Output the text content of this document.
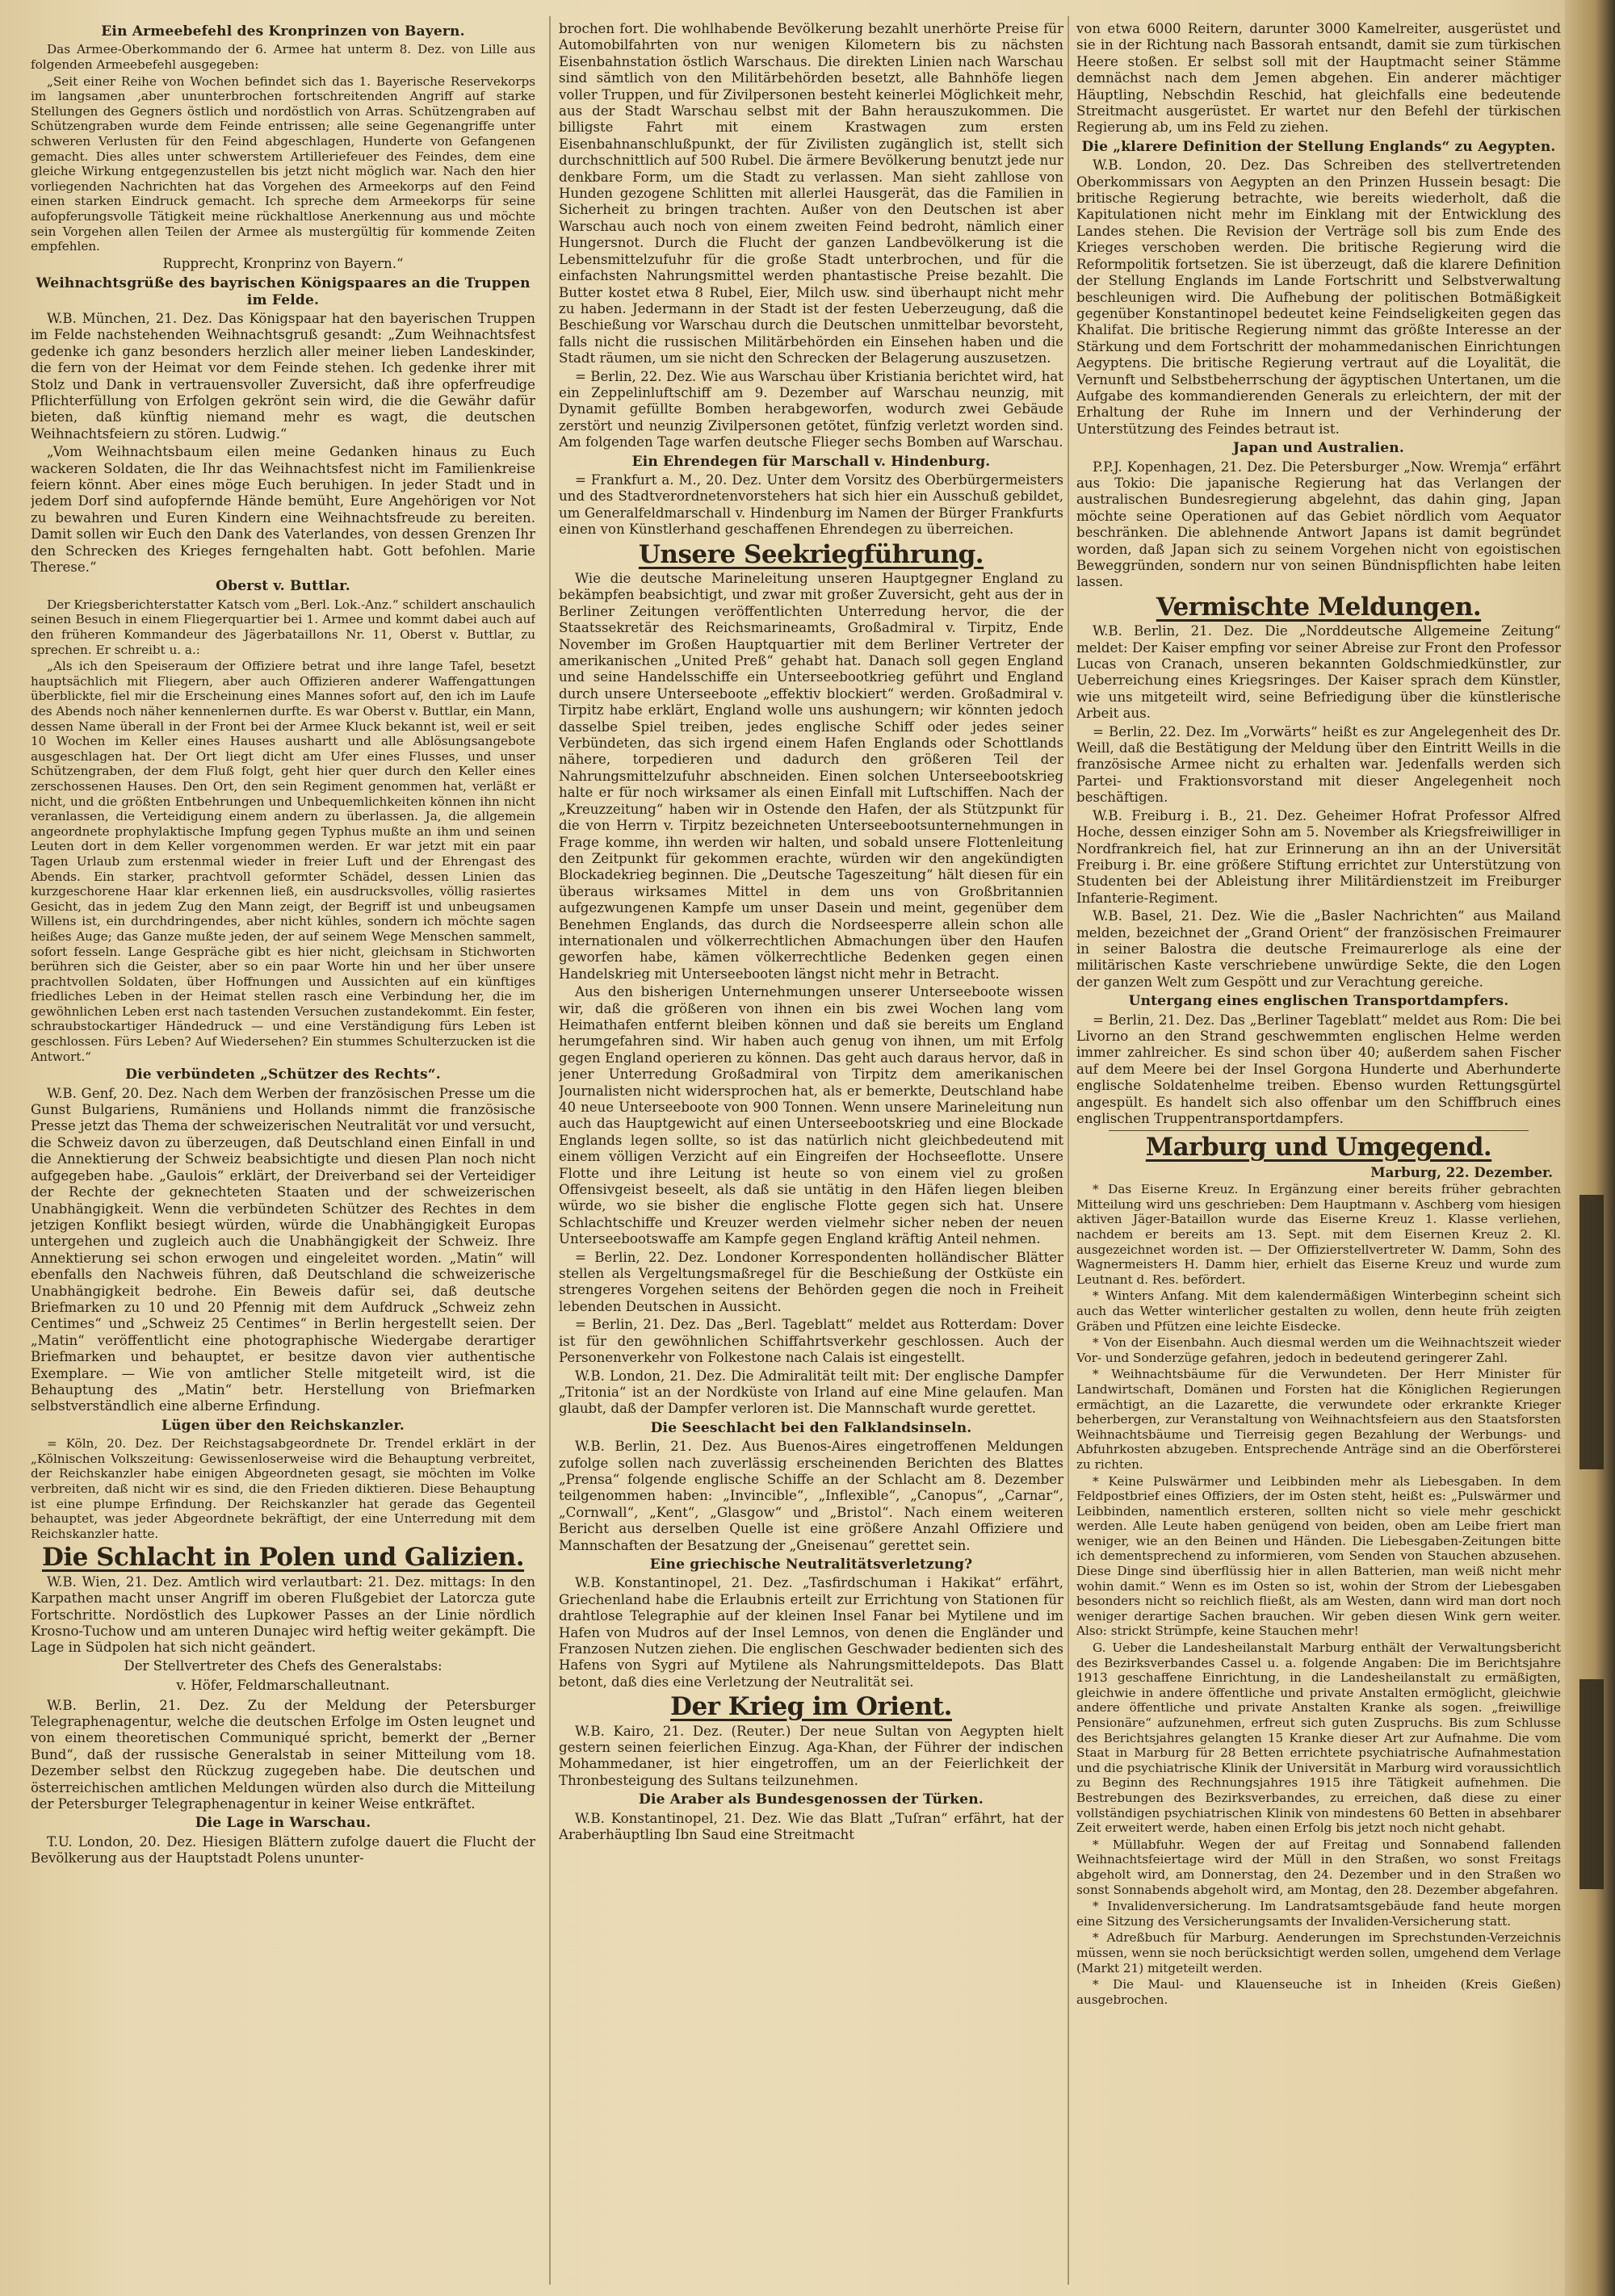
Ein Armeebefehl des Kronprinzen von Bayern.

Das Armee-Oberkommando der 6. Armee hat unterm 8. Dez. von Lille aus folgenden Armeebefehl ausgegeben:

„Seit einer Reihe von Wochen befindet sich das 1. Bayerische Reservekorps im langsamen ‚aber ununterbrochen fortschreitenden Angriff auf starke Stellungen des Gegners östlich und nordöstlich von Arras. Schützengraben auf Schützengraben wurde dem Feinde entrissen; alle seine Gegenangriffe unter schweren Verlusten für den Feind abgeschlagen, Hunderte von Gefangenen gemacht. Dies alles unter schwerstem Artilleriefeuer des Feindes, dem eine gleiche Wirkung entgegenzustellen bis jetzt nicht möglich war. Nach den hier vorliegenden Nachrichten hat das Vorgehen des Armeekorps auf den Feind einen starken Eindruck gemacht. Ich spreche dem Armeekorps für seine aufopferungsvolle Tätigkeit meine rückhaltlose Anerkennung aus und möchte sein Vorgehen allen Teilen der Armee als mustergültig für kommende Zeiten empfehlen.

Rupprecht, Kronprinz von Bayern.“

Weihnachtsgrüße des bayrischen Königspaares an die Truppen im Felde.

W.B. München, 21. Dez. Das Königspaar hat den bayerischen Truppen im Felde nachstehenden Weihnachtsgruß gesandt: „Zum Weihnachtsfest gedenke ich ganz besonders herzlich aller meiner lieben Landeskinder, die fern von der Heimat vor dem Feinde stehen. Ich gedenke ihrer mit Stolz und Dank in vertrauensvoller Zuversicht, daß ihre opferfreudige Pflichterfüllung von Erfolgen gekrönt sein wird, die die Gewähr dafür bieten, daß künftig niemand mehr es wagt, die deutschen Weihnachtsfeiern zu stören. Ludwig.“

„Vom Weihnachtsbaum eilen meine Gedanken hinaus zu Euch wackeren Soldaten, die Ihr das Weihnachtsfest nicht im Familienkreise feiern könnt. Aber eines möge Euch beruhigen. In jeder Stadt und in jedem Dorf sind aufopfernde Hände bemüht, Eure Angehörigen vor Not zu bewahren und Euren Kindern eine Weihnachtsfreude zu bereiten. Damit sollen wir Euch den Dank des Vaterlandes, von dessen Grenzen Ihr den Schrecken des Krieges ferngehalten habt. Gott befohlen. Marie Therese.“

Oberst v. Buttlar.

Der Kriegsberichterstatter Katsch vom „Berl. Lok.-Anz.“ schildert anschaulich seinen Besuch in einem Fliegerquartier bei 1. Armee und kommt dabei auch auf den früheren Kommandeur des Jägerbataillons Nr. 11, Oberst v. Buttlar, zu sprechen. Er schreibt u. a.:

„Als ich den Speiseraum der Offiziere betrat und ihre lange Tafel, besetzt hauptsächlich mit Fliegern, aber auch Offizieren anderer Waffengattungen überblickte, fiel mir die Erscheinung eines Mannes sofort auf, den ich im Laufe des Abends noch näher kennenlernen durfte. Es war Oberst v. Buttlar, ein Mann, dessen Name überall in der Front bei der Armee Kluck bekannt ist, weil er seit 10 Wochen im Keller eines Hauses aushartt und alle Ablösungsangebote ausgeschlagen hat. Der Ort liegt dicht am Ufer eines Flusses, und unser Schützengraben, der dem Fluß folgt, geht hier quer durch den Keller eines zerschossenen Hauses. Den Ort, den sein Regiment genommen hat, verläßt er nicht, und die größten Entbehrungen und Unbequemlichkeiten können ihn nicht veranlassen, die Verteidigung einem andern zu überlassen. Ja, die allgemein angeordnete prophylaktische Impfung gegen Typhus mußte an ihm und seinen Leuten dort in dem Keller vorgenommen werden. Er war jetzt mit ein paar Tagen Urlaub zum erstenmal wieder in freier Luft und der Ehrengast des Abends. Ein starker, prachtvoll geformter Schädel, dessen Linien das kurzgeschorene Haar klar erkennen ließ, ein ausdrucksvolles, völlig rasiertes Gesicht, das in jedem Zug den Mann zeigt, der Begriff ist und unbeugsamen Willens ist, ein durchdringendes, aber nicht kühles, sondern ich möchte sagen heißes Auge; das Ganze mußte jeden, der auf seinem Wege Menschen sammelt, sofort fesseln. Lange Gespräche gibt es hier nicht, gleichsam in Stichworten berühren sich die Geister, aber so ein paar Worte hin und her über unsere prachtvollen Soldaten, über Hoffnungen und Aussichten auf ein künftiges friedliches Leben in der Heimat stellen rasch eine Verbindung her, die im gewöhnlichen Leben erst nach tastenden Versuchen zustandekommt. Ein fester, schraubstockartiger Händedruck — und eine Verständigung fürs Leben ist geschlossen. Fürs Leben? Auf Wiedersehen? Ein stummes Schulterzucken ist die Antwort.“

Die verbündeten „Schützer des Rechts“.

W.B. Genf, 20. Dez. Nach dem Werben der französischen Presse um die Gunst Bulgariens, Rumäniens und Hollands nimmt die französische Presse jetzt das Thema der schweizerischen Neutralität vor und versucht, die Schweiz davon zu überzeugen, daß Deutschland einen Einfall in und die Annektierung der Schweiz beabsichtigte und diesen Plan noch nicht aufgegeben habe. „Gaulois“ erklärt, der Dreiverband sei der Verteidiger der Rechte der geknechteten Staaten und der schweizerischen Unabhängigkeit. Wenn die verbündeten Schützer des Rechtes in dem jetzigen Konflikt besiegt würden, würde die Unabhängigkeit Europas untergehen und zugleich auch die Unabhängigkeit der Schweiz. Ihre Annektierung sei schon erwogen und eingeleitet worden. „Matin“ will ebenfalls den Nachweis führen, daß Deutschland die schweizerische Unabhängigkeit bedrohe. Ein Beweis dafür sei, daß deutsche Briefmarken zu 10 und 20 Pfennig mit dem Aufdruck „Schweiz zehn Centimes“ und „Schweiz 25 Centimes“ in Berlin hergestellt seien. Der „Matin“ veröffentlicht eine photographische Wiedergabe derartiger Briefmarken und behauptet, er besitze davon vier authentische Exemplare. — Wie von amtlicher Stelle mitgeteilt wird, ist die Behauptung des „Matin“ betr. Herstellung von Briefmarken selbstverständlich eine alberne Erfindung.

Lügen über den Reichskanzler.

= Köln, 20. Dez. Der Reichstagsabgeordnete Dr. Trendel erklärt in der „Kölnischen Volkszeitung: Gewissenloserweise wird die Behauptung verbreitet, der Reichskanzler habe einigen Abgeordneten gesagt, sie möchten im Volke verbreiten, daß nicht wir es sind, die den Frieden diktieren. Diese Behauptung ist eine plumpe Erfindung. Der Reichskanzler hat gerade das Gegenteil behauptet, was jeder Abgeordnete bekräftigt, der eine Unterredung mit dem Reichskanzler hatte.

Die Schlacht in Polen und Galizien.

W.B. Wien, 21. Dez. Amtlich wird verlautbart: 21. Dez. mittags: In den Karpathen macht unser Angriff im oberen Flußgebiet der Latorcza gute Fortschritte. Nordöstlich des Lupkower Passes an der Linie nördlich Krosno-Tuchow und am unteren Dunajec wird heftig weiter gekämpft. Die Lage in Südpolen hat sich nicht geändert.

Der Stellvertreter des Chefs des Generalstabs:

v. Höfer, Feldmarschalleutnant.

W.B. Berlin, 21. Dez. Zu der Meldung der Petersburger Telegraphenagentur, welche die deutschen Erfolge im Osten leugnet und von einem theoretischen Communiqué spricht, bemerkt der „Berner Bund“, daß der russische Generalstab in seiner Mitteilung vom 18. Dezember selbst den Rückzug zugegeben habe. Die deutschen und österreichischen amtlichen Meldungen würden also durch die Mitteilung der Petersburger Telegraphenagentur in keiner Weise entkräftet.

Die Lage in Warschau.

T.U. London, 20. Dez. Hiesigen Blättern zufolge dauert die Flucht der Bevölkerung aus der Hauptstadt Polens ununter-

brochen fort. Die wohlhabende Bevölkerung bezahlt unerhörte Preise für Automobilfahrten von nur wenigen Kilometern bis zu nächsten Eisenbahnstation östlich Warschaus. Die direkten Linien nach Warschau sind sämtlich von den Militärbehörden besetzt, alle Bahnhöfe liegen voller Truppen, und für Zivilpersonen besteht keinerlei Möglichkeit mehr, aus der Stadt Warschau selbst mit der Bahn herauszukommen. Die billigste Fahrt mit einem Krastwagen zum ersten Eisenbahnanschlußpunkt, der für Zivilisten zugänglich ist, stellt sich durchschnittlich auf 500 Rubel. Die ärmere Bevölkerung benutzt jede nur denkbare Form, um die Stadt zu verlassen. Man sieht zahllose von Hunden gezogene Schlitten mit allerlei Hausgerät, das die Familien in Sicherheit zu bringen trachten. Außer von den Deutschen ist aber Warschau auch noch von einem zweiten Feind bedroht, nämlich einer Hungersnot. Durch die Flucht der ganzen Landbevölkerung ist die Lebensmittelzufuhr für die große Stadt unterbrochen, und für die einfachsten Nahrungsmittel werden phantastische Preise bezahlt. Die Butter kostet etwa 8 Rubel, Eier, Milch usw. sind überhaupt nicht mehr zu haben. Jedermann in der Stadt ist der festen Ueberzeugung, daß die Beschießung vor Warschau durch die Deutschen unmittelbar bevorsteht, falls nicht die russischen Militärbehörden ein Einsehen haben und die Stadt räumen, um sie nicht den Schrecken der Belagerung auszusetzen.

= Berlin, 22. Dez. Wie aus Warschau über Kristiania berichtet wird, hat ein Zeppelinluftschiff am 9. Dezember auf Warschau neunzig, mit Dynamit gefüllte Bomben herabgeworfen, wodurch zwei Gebäude zerstört und neunzig Zivilpersonen getötet, fünfzig verletzt worden sind. Am folgenden Tage warfen deutsche Flieger sechs Bomben auf Warschau.

Ein Ehrendegen für Marschall v. Hindenburg.

= Frankfurt a. M., 20. Dez. Unter dem Vorsitz des Oberbürgermeisters und des Stadtverordnetenvorstehers hat sich hier ein Ausschuß gebildet, um Generalfeldmarschall v. Hindenburg im Namen der Bürger Frankfurts einen von Künstlerhand geschaffenen Ehrendegen zu überreichen.

Unsere Seekriegführung.

Wie die deutsche Marineleitung unseren Hauptgegner England zu bekämpfen beabsichtigt, und zwar mit großer Zuversicht, geht aus der in Berliner Zeitungen veröffentlichten Unterredung hervor, die der Staatssekretär des Reichsmarineamts, Großadmiral v. Tirpitz, Ende November im Großen Hauptquartier mit dem Berliner Vertreter der amerikanischen „United Preß“ gehabt hat. Danach soll gegen England und seine Handelsschiffe ein Unterseebootkrieg geführt und England durch unsere Unterseeboote „effektiv blockiert“ werden. Großadmiral v. Tirpitz habe erklärt, England wolle uns aushungern; wir könnten jedoch dasselbe Spiel treiben, jedes englische Schiff oder jedes seiner Verbündeten, das sich irgend einem Hafen Englands oder Schottlands nähere, torpedieren und dadurch den größeren Teil der Nahrungsmittelzufuhr abschneiden. Einen solchen Unterseebootskrieg halte er für noch wirksamer als einen Einfall mit Luftschiffen. Nach der „Kreuzzeitung“ haben wir in Ostende den Hafen, der als Stützpunkt für die von Herrn v. Tirpitz bezeichneten Unterseebootsunternehmungen in Frage komme, ihn werden wir halten, und sobald unsere Flottenleitung den Zeitpunkt für gekommen erachte, würden wir den angekündigten Blockadekrieg beginnen. Die „Deutsche Tageszeitung“ hält diesen für ein überaus wirksames Mittel in dem uns von Großbritannien aufgezwungenen Kampfe um unser Dasein und meint, gegenüber dem Benehmen Englands, das durch die Nordseesperre allein schon alle internationalen und völkerrechtlichen Abmachungen über den Haufen geworfen habe, kämen völkerrechtliche Bedenken gegen einen Handelskrieg mit Unterseebooten längst nicht mehr in Betracht.

Aus den bisherigen Unternehmungen unserer Unterseeboote wissen wir, daß die größeren von ihnen ein bis zwei Wochen lang vom Heimathafen entfernt bleiben können und daß sie bereits um England herumgefahren sind. Wir haben auch genug von ihnen, um mit Erfolg gegen England operieren zu können. Das geht auch daraus hervor, daß in jener Unterredung Großadmiral von Tirpitz dem amerikanischen Journalisten nicht widersprochen hat, als er bemerkte, Deutschland habe 40 neue Unterseeboote von 900 Tonnen. Wenn unsere Marineleitung nun auch das Hauptgewicht auf einen Unterseebootskrieg und eine Blockade Englands legen sollte, so ist das natürlich nicht gleichbedeutend mit einem völligen Verzicht auf ein Eingreifen der Hochseeflotte. Unsere Flotte und ihre Leitung ist heute so von einem viel zu großen Offensivgeist beseelt, als daß sie untätig in den Häfen liegen bleiben würde, wo sie bisher die englische Flotte gegen sich hat. Unsere Schlachtschiffe und Kreuzer werden vielmehr sicher neben der neuen Unterseebootswaffe am Kampfe gegen England kräftig Anteil nehmen.

= Berlin, 22. Dez. Londoner Korrespondenten holländischer Blätter stellen als Vergeltungsmaßregel für die Beschießung der Ostküste ein strengeres Vorgehen seitens der Behörden gegen die noch in Freiheit lebenden Deutschen in Aussicht.

= Berlin, 21. Dez. Das „Berl. Tageblatt“ meldet aus Rotterdam: Dover ist für den gewöhnlichen Schiffahrtsverkehr geschlossen. Auch der Personenverkehr von Folkestone nach Calais ist eingestellt.

W.B. London, 21. Dez. Die Admiralität teilt mit: Der englische Dampfer „Tritonia“ ist an der Nordküste von Irland auf eine Mine gelaufen. Man glaubt, daß der Dampfer verloren ist. Die Mannschaft wurde gerettet.

Die Seeschlacht bei den Falklandsinseln.

W.B. Berlin, 21. Dez. Aus Buenos-Aires eingetroffenen Meldungen zufolge sollen nach zuverlässig erscheinenden Berichten des Blattes „Prensa“ folgende englische Schiffe an der Schlacht am 8. Dezember teilgenommen haben: „Invincible“, „Inflexible“, „Canopus“, „Carnar“, „Cornwall“, „Kent“, „Glasgow“ und „Bristol“. Nach einem weiteren Bericht aus derselben Quelle ist eine größere Anzahl Offiziere und Mannschaften der Besatzung der „Gneisenau“ gerettet sein.

Eine griechische Neutralitätsverletzung?

W.B. Konstantinopel, 21. Dez. „Tasfirdschuman i Hakikat“ erfährt, Griechenland habe die Erlaubnis erteilt zur Errichtung von Stationen für drahtlose Telegraphie auf der kleinen Insel Fanar bei Mytilene und im Hafen von Mudros auf der Insel Lemnos, von denen die Engländer und Franzosen Nutzen ziehen. Die englischen Geschwader bedienten sich des Hafens von Sygri auf Mytilene als Nahrungsmitteldepots. Das Blatt betont, daß dies eine Verletzung der Neutralität sei.

Der Krieg im Orient.

W.B. Kairo, 21. Dez. (Reuter.) Der neue Sultan von Aegypten hielt gestern seinen feierlichen Einzug. Aga-Khan, der Führer der indischen Mohammedaner, ist hier eingetroffen, um an der Feierlichkeit der Thronbesteigung des Sultans teilzunehmen.

Die Araber als Bundesgenossen der Türken.

W.B. Konstantinopel, 21. Dez. Wie das Blatt „Tuſran“ erfährt, hat der Araberhäuptling Ibn Saud eine Streitmacht

von etwa 6000 Reitern, darunter 3000 Kamelreiter, ausgerüstet und sie in der Richtung nach Bassorah entsandt, damit sie zum türkischen Heere stoßen. Er selbst soll mit der Hauptmacht seiner Stämme demnächst nach dem Jemen abgehen. Ein anderer mächtiger Häuptling, Nebschdin Reschid, hat gleichfalls eine bedeutende Streitmacht ausgerüstet. Er wartet nur den Befehl der türkischen Regierung ab, um ins Feld zu ziehen.

Die „klarere Definition der Stellung Englands“ zu Aegypten.

W.B. London, 20. Dez. Das Schreiben des stellvertretenden Oberkommissars von Aegypten an den Prinzen Hussein besagt: Die britische Regierung betrachte, wie bereits wiederholt, daß die Kapitulationen nicht mehr im Einklang mit der Entwicklung des Landes stehen. Die Revision der Verträge soll bis zum Ende des Krieges verschoben werden. Die britische Regierung wird die Reformpolitik fortsetzen. Sie ist überzeugt, daß die klarere Definition der Stellung Englands im Lande Fortschritt und Selbstverwaltung beschleunigen wird. Die Aufhebung der politischen Botmäßigkeit gegenüber Konstantinopel bedeutet keine Feindseligkeiten gegen das Khalifat. Die britische Regierung nimmt das größte Interesse an der Stärkung und dem Fortschritt der mohammedanischen Einrichtungen Aegyptens. Die britische Regierung vertraut auf die Loyalität, die Vernunft und Selbstbeherrschung der ägyptischen Untertanen, um die Aufgabe des kommandierenden Generals zu erleichtern, der mit der Erhaltung der Ruhe im Innern und der Verhinderung der Unterstützung des Feindes betraut ist.

Japan und Australien.

P.P.J. Kopenhagen, 21. Dez. Die Petersburger „Now. Wremja“ erfährt aus Tokio: Die japanische Regierung hat das Verlangen der australischen Bundesregierung abgelehnt, das dahin ging, Japan möchte seine Operationen auf das Gebiet nördlich vom Aequator beschränken. Die ablehnende Antwort Japans ist damit begründet worden, daß Japan sich zu seinem Vorgehen nicht von egoistischen Beweggründen, sondern nur von seinen Bündnispflichten habe leiten lassen.

Vermischte Meldungen.

W.B. Berlin, 21. Dez. Die „Norddeutsche Allgemeine Zeitung“ meldet: Der Kaiser empfing vor seiner Abreise zur Front den Professor Lucas von Cranach, unseren bekannten Goldschmiedkünstler, zur Ueberreichung eines Kriegsringes. Der Kaiser sprach dem Künstler, wie uns mitgeteilt wird, seine Befriedigung über die künstlerische Arbeit aus.

= Berlin, 22. Dez. Im „Vorwärts“ heißt es zur Angelegenheit des Dr. Weill, daß die Bestätigung der Meldung über den Eintritt Weills in die französische Armee nicht zu erhalten war. Jedenfalls werden sich Partei- und Fraktionsvorstand mit dieser Angelegenheit noch beschäftigen.

W.B. Freiburg i. B., 21. Dez. Geheimer Hofrat Professor Alfred Hoche, dessen einziger Sohn am 5. November als Kriegsfreiwilliger in Nordfrankreich fiel, hat zur Erinnerung an ihn an der Universität Freiburg i. Br. eine größere Stiftung errichtet zur Unterstützung von Studenten bei der Ableistung ihrer Militärdienstzeit im Freiburger Infanterie-Regiment.

W.B. Basel, 21. Dez. Wie die „Basler Nachrichten“ aus Mailand melden, bezeichnet der „Grand Orient“ der französischen Freimaurer in seiner Balostra die deutsche Freimaurerloge als eine der militärischen Kaste verschriebene unwürdige Sekte, die den Logen der ganzen Welt zum Gespött und zur Verachtung gereiche.

Untergang eines englischen Transportdampfers.

= Berlin, 21. Dez. Das „Berliner Tageblatt“ meldet aus Rom: Die bei Livorno an den Strand geschwemmten englischen Helme werden immer zahlreicher. Es sind schon über 40; außerdem sahen Fischer auf dem Meere bei der Insel Gorgona Hunderte und Aberhunderte englische Soldatenhelme treiben. Ebenso wurden Rettungsgürtel angespült. Es handelt sich also offenbar um den Schiffbruch eines englischen Truppentransportdampfers.

Marburg und Umgegend.

Marburg, 22. Dezember.

* Das Eiserne Kreuz. In Ergänzung einer bereits früher gebrachten Mitteilung wird uns geschrieben: Dem Hauptmann v. Aschberg vom hiesigen aktiven Jäger-Bataillon wurde das Eiserne Kreuz 1. Klasse verliehen, nachdem er bereits am 13. Sept. mit dem Eisernen Kreuz 2. Kl. ausgezeichnet worden ist. — Der Offizierstellvertreter W. Damm, Sohn des Wagnermeisters H. Damm hier, erhielt das Eiserne Kreuz und wurde zum Leutnant d. Res. befördert.

* Winters Anfang. Mit dem kalendermäßigen Winterbeginn scheint sich auch das Wetter winterlicher gestalten zu wollen, denn heute früh zeigten Gräben und Pfützen eine leichte Eisdecke.

* Von der Eisenbahn. Auch diesmal werden um die Weihnachtszeit wieder Vor- und Sonderzüge gefahren, jedoch in bedeutend geringerer Zahl.

* Weihnachtsbäume für die Verwundeten. Der Herr Minister für Landwirtschaft, Domänen und Forsten hat die Königlichen Regierungen ermächtigt, an die Lazarette, die verwundete oder erkrankte Krieger beherbergen, zur Veranstaltung von Weihnachtsfeiern aus den Staatsforsten Weihnachtsbäume und Tierreisig gegen Bezahlung der Werbungs- und Abfuhrkosten abzugeben. Entsprechende Anträge sind an die Oberförsterei zu richten.

* Keine Pulswärmer und Leibbinden mehr als Liebesgaben. In dem Feldpostbrief eines Offiziers, der im Osten steht, heißt es: „Pulswärmer und Leibbinden, namentlich ersteren, sollten nicht so viele mehr geschickt werden. Alle Leute haben genügend von beiden, oben am Leibe friert man weniger, wie an den Beinen und Händen. Die Liebesgaben-Zeitungen bitte ich dementsprechend zu informieren, vom Senden von Stauchen abzusehen. Diese Dinge sind überflüssig hier in allen Batterien, man weiß nicht mehr wohin damit.“ Wenn es im Osten so ist, wohin der Strom der Liebesgaben besonders nicht so reichlich fließt, als am Westen, dann wird man dort noch weniger derartige Sachen brauchen. Wir geben diesen Wink gern weiter. Also: strickt Strümpfe, keine Stauchen mehr!

G. Ueber die Landesheilanstalt Marburg enthält der Verwaltungsbericht des Bezirksverbandes Cassel u. a. folgende Angaben: Die im Berichtsjahre 1913 geschaffene Einrichtung, in die Landesheilanstalt zu ermäßigten, gleichwie in andere öffentliche und private Anstalten ermöglicht, gleichwie andere öffentliche und private Anstalten Kranke als sogen. „freiwillige Pensionäre“ aufzunehmen, erfreut sich guten Zuspruchs. Bis zum Schlusse des Berichtsjahres gelangten 15 Kranke dieser Art zur Aufnahme. Die vom Staat in Marburg für 28 Betten errichtete psychiatrische Aufnahmestation und die psychiatrische Klinik der Universität in Marburg wird voraussichtlich zu Beginn des Rechnungsjahres 1915 ihre Tätigkeit aufnehmen. Die Bestrebungen des Bezirksverbandes, zu erreichen, daß diese zu einer vollständigen psychiatrischen Klinik von mindestens 60 Betten in absehbarer Zeit erweitert werde, haben einen Erfolg bis jetzt noch nicht gehabt.

* Müllabfuhr. Wegen der auf Freitag und Sonnabend fallenden Weihnachtsfeiertage wird der Müll in den Straßen, wo sonst Freitags abgeholt wird, am Donnerstag, den 24. Dezember und in den Straßen wo sonst Sonnabends abgeholt wird, am Montag, den 28. Dezember abgefahren.

* Invalidenversicherung. Im Landratsamtsgebäude fand heute morgen eine Sitzung des Versicherungsamts der Invaliden-Versicherung statt.

* Adreßbuch für Marburg. Aenderungen im Sprechstunden-Verzeichnis müssen, wenn sie noch berücksichtigt werden sollen, umgehend dem Verlage (Markt 21) mitgeteilt werden.

* Die Maul- und Klauenseuche ist in Inheiden (Kreis Gießen) ausgebrochen.
